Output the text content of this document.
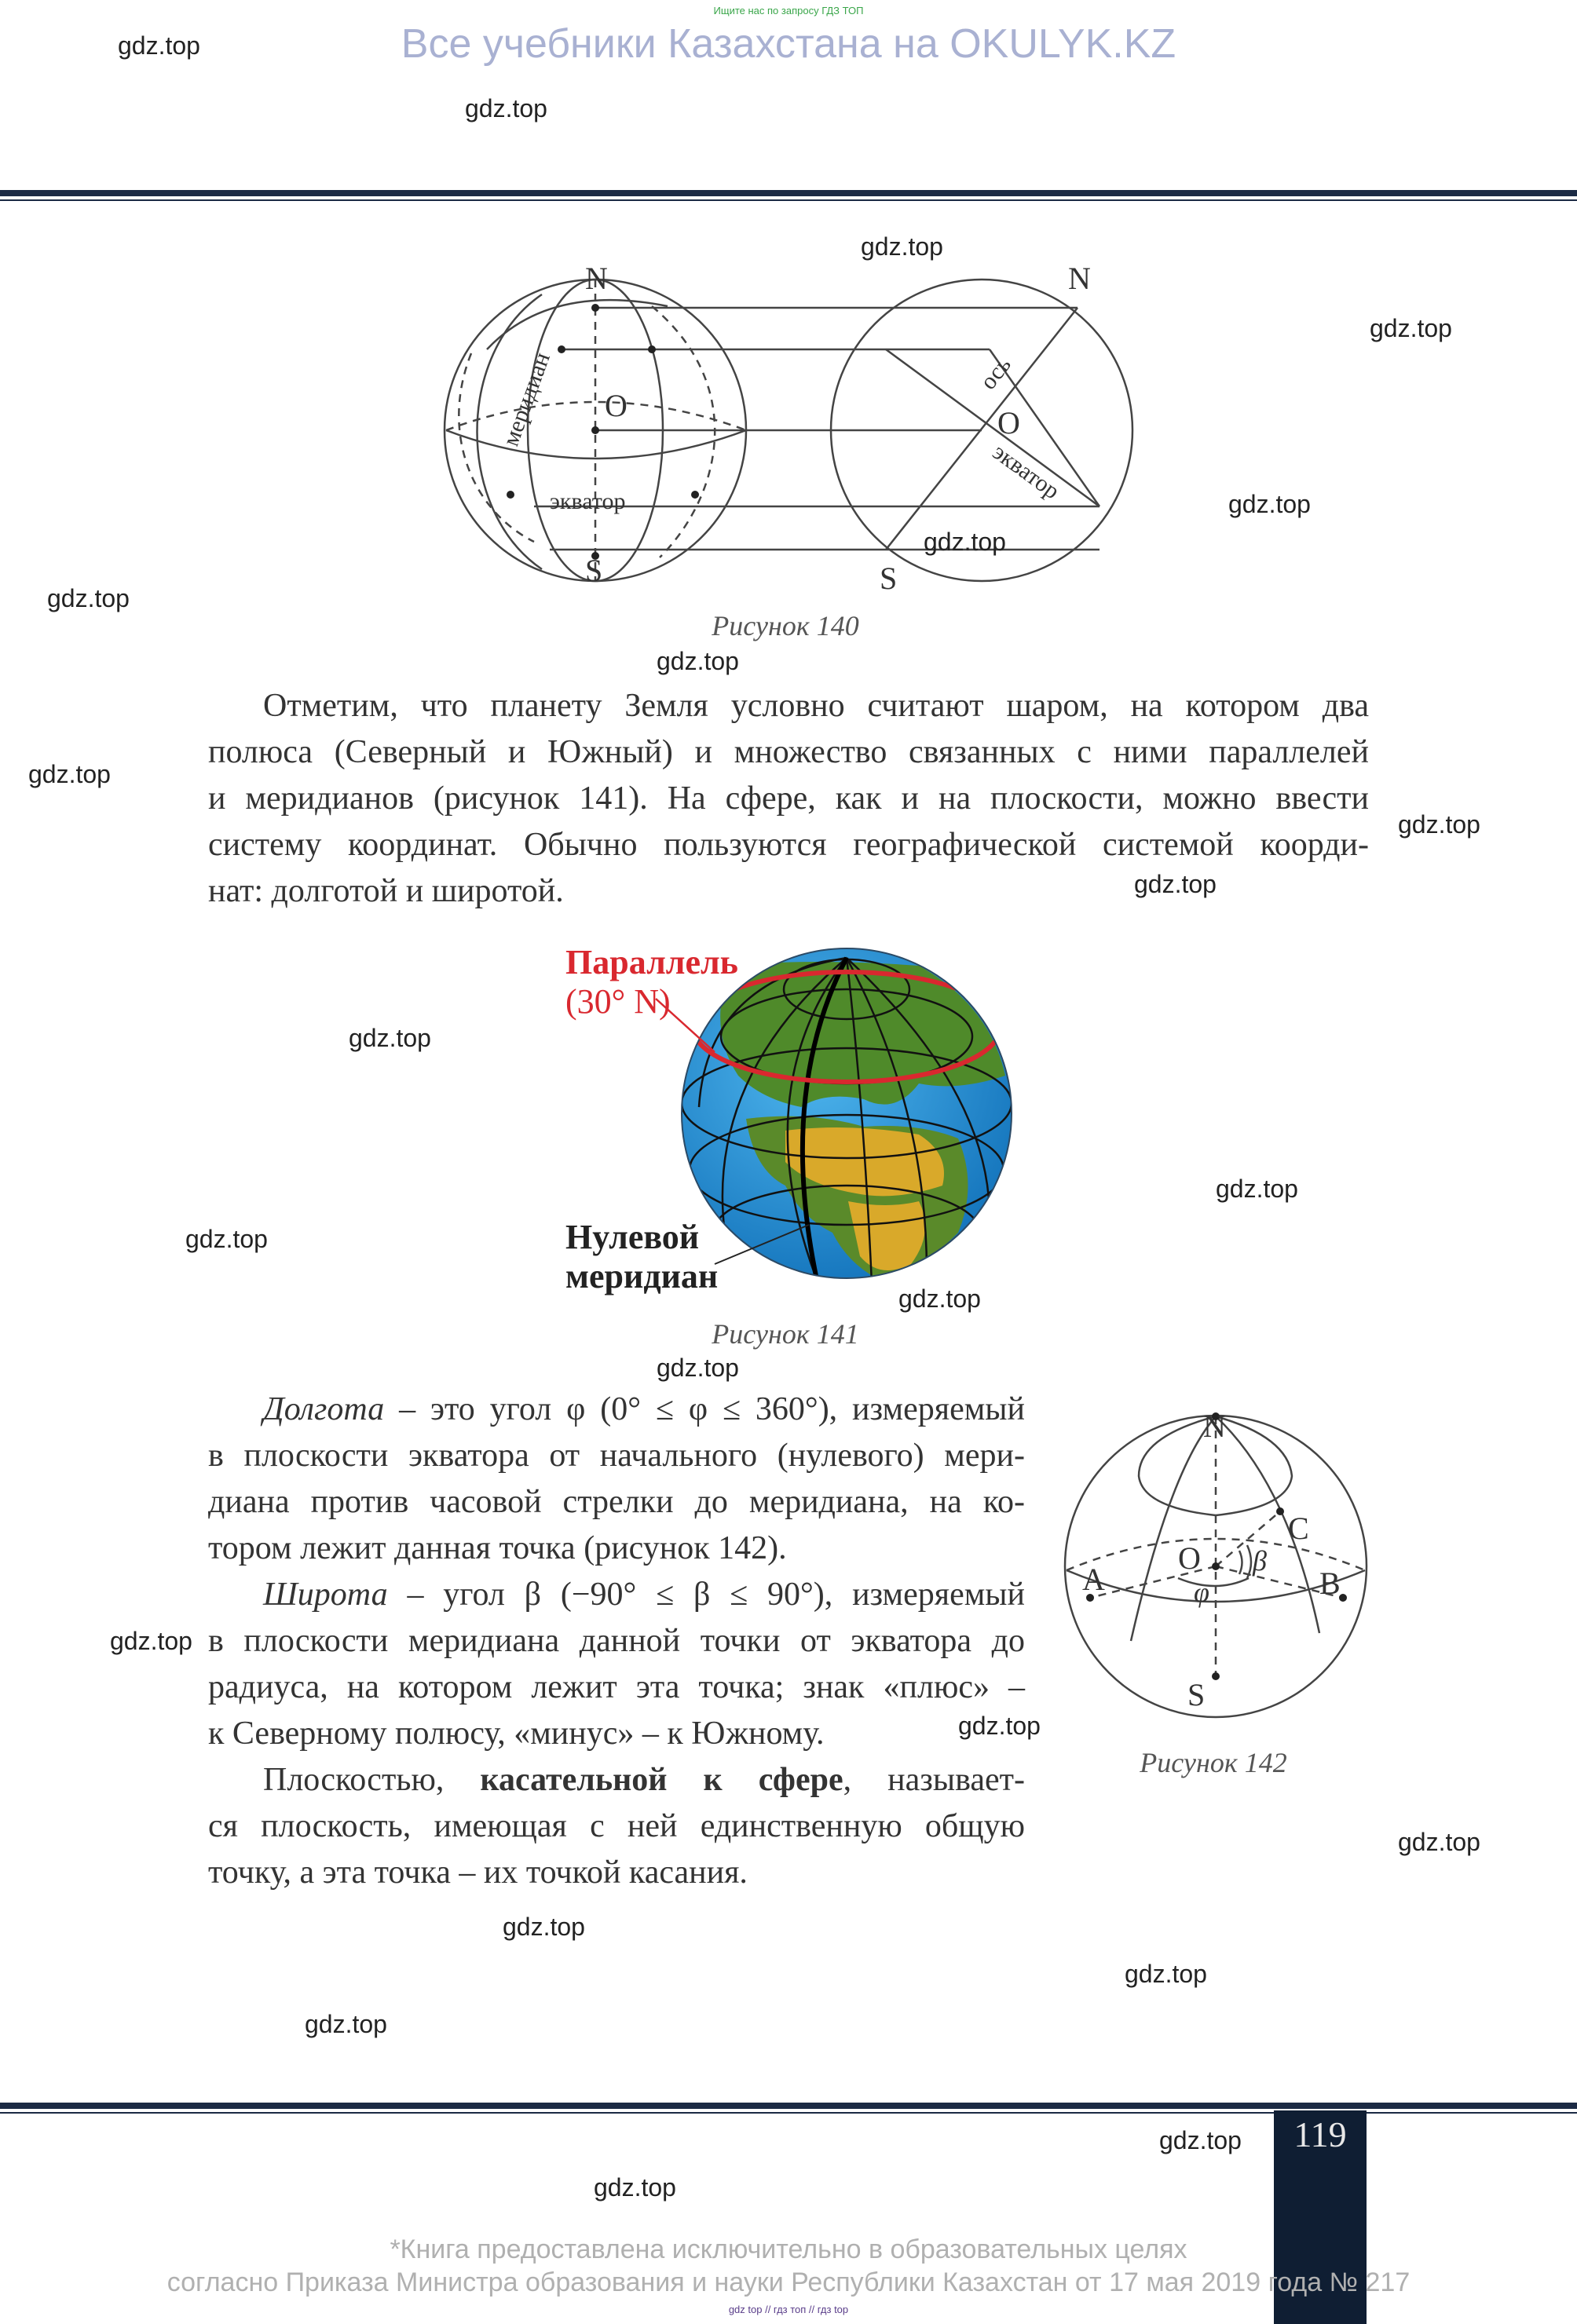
Ищите нас по запросу ГДЗ ТОП
Все учебники Казахстана на OKULYK.KZ
N
O
S
меридиан
экватор
N
O
S
ось
экватор
Рисунок 140
Отметим, что планету Земля условно считают шаром, на котором два
полюса (Северный и Южный) и множество связанных с ними параллелей
и меридианов (рисунок 141). На сфере, как и на плоскости, можно ввести
систему координат. Обычно пользуются географической системой коорди-
нат: долготой и широтой.
Параллель
(30° N)
Нулевой
меридиан
Рисунок 141
Долгота – это угол φ (0° ≤ φ ≤ 360°), измеряемый
в плоскости экватора от начального (нулевого) мери-
диана против часовой стрелки до меридиана, на ко-
тором лежит данная точка (рисунок 142).
Широта – угол β (−90° ≤ β ≤ 90°), измеряемый
в плоскости меридиана данной точки от экватора до
радиуса, на котором лежит эта точка; знак «плюс» –
к Северному полюсу, «минус» – к Южному.
Плоскостью, касательной к сфере, называет-
ся плоскость, имеющая с ней единственную общую
точку, а эта точка – их точкой касания.
N
O
C
A	B
S
φ
β
Рисунок 142
119
*Книга предоставлена исключительно в образовательных целях
согласно Приказа Министра образования и науки Республики Казахстан от 17 мая 2019 года № 217
gdz top // гдз топ // гдз top
gdz.top
gdz.top
gdz.top
gdz.top
gdz.top
gdz.top
gdz.top
gdz.top
gdz.top
gdz.top
gdz.top
gdz.top
gdz.top
gdz.top
gdz.top
gdz.top
gdz.top
gdz.top
gdz.top
gdz.top
gdz.top
gdz.top
gdz.top
gdz.top
